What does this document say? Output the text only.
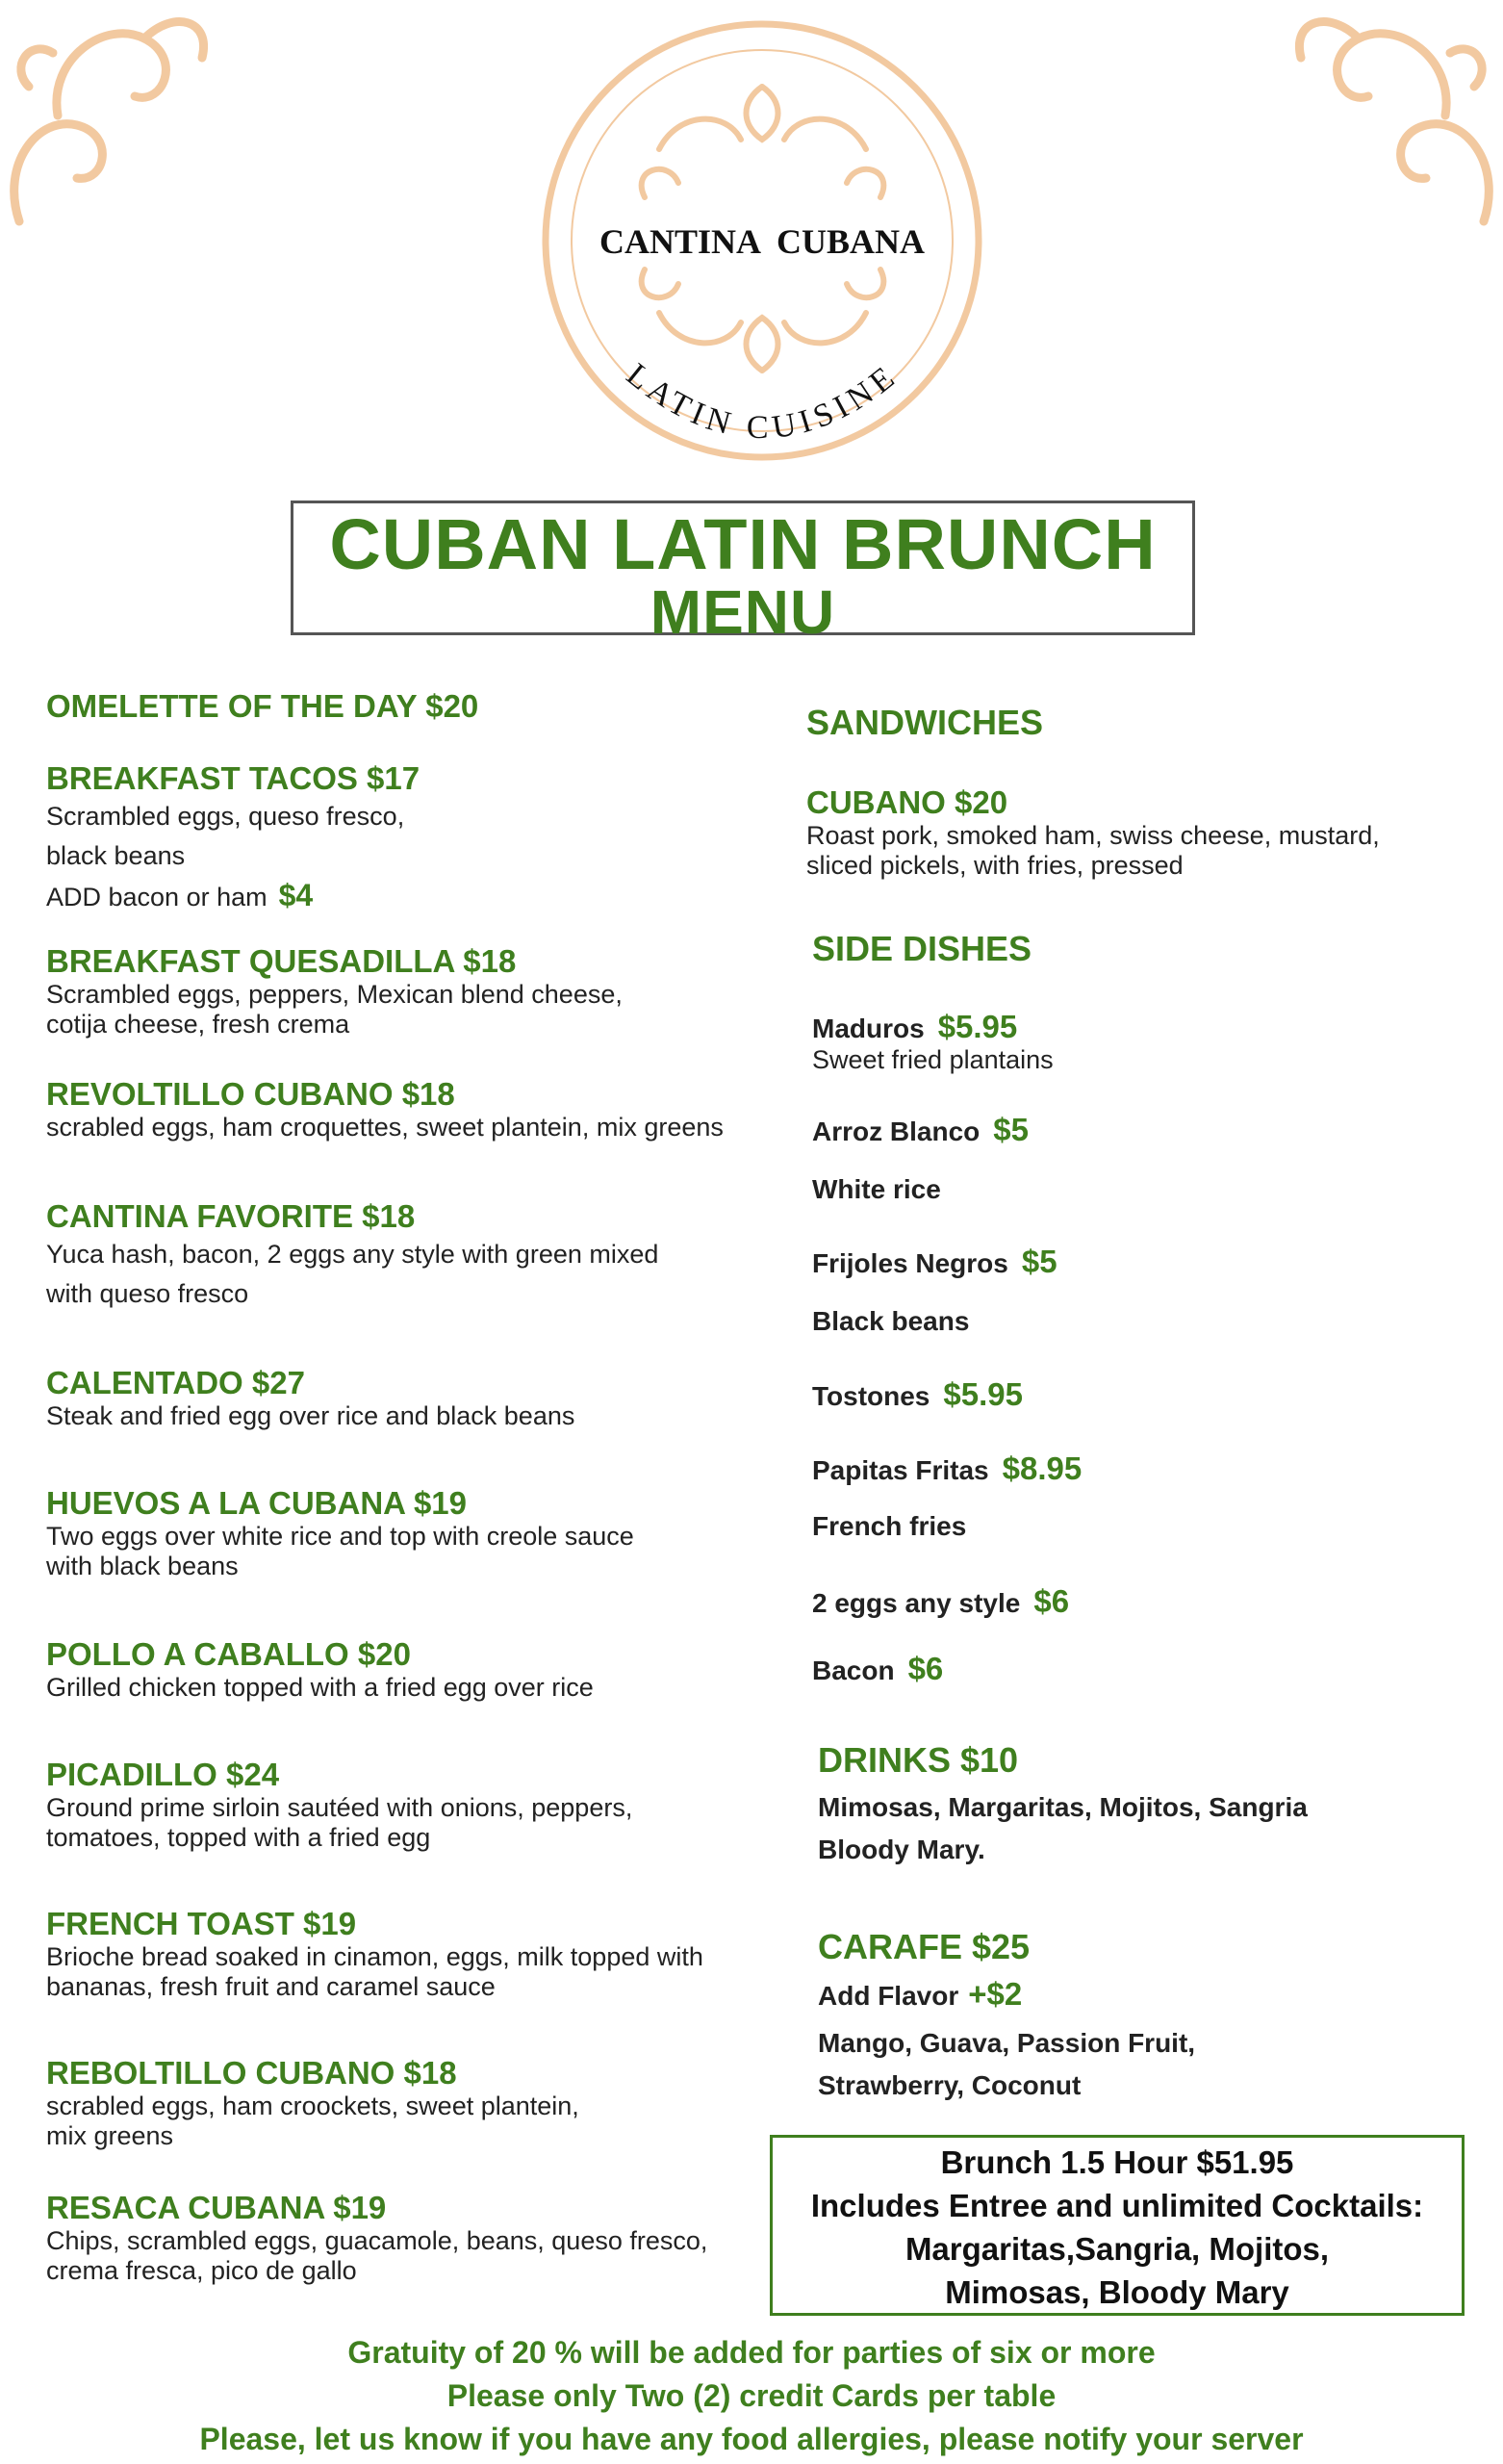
CANTINA  CUBANA
LATIN CUISINE
CUBAN LATIN BRUNCH
MENU
OMELETTE OF THE DAY $20
BREAKFAST TACOS $17
Scrambled eggs, queso fresco,
black beans
ADD bacon or ham $4
BREAKFAST QUESADILLA $18
Scrambled eggs, peppers, Mexican blend cheese,
cotija cheese, fresh crema
REVOLTILLO CUBANO $18
scrabled eggs, ham croquettes, sweet plantein, mix greens
CANTINA FAVORITE $18
Yuca hash, bacon, 2 eggs any style with green mixed
with queso fresco
CALENTADO $27
Steak and fried egg over rice and black beans
HUEVOS A LA CUBANA $19
Two eggs over white rice and top with creole sauce
with black beans
POLLO A CABALLO $20
Grilled chicken topped with a fried egg over rice
PICADILLO $24
Ground prime sirloin sautéed with onions, peppers,
tomatoes, topped with a fried egg
FRENCH TOAST $19
Brioche bread soaked in cinamon, eggs, milk topped with
bananas, fresh fruit and caramel sauce
REBOLTILLO CUBANO $18
scrabled eggs, ham croockets, sweet plantein,
mix greens
RESACA CUBANA $19
Chips, scrambled eggs, guacamole, beans, queso fresco,
crema fresca, pico de gallo
SANDWICHES
CUBANO $20
Roast pork, smoked ham, swiss cheese, mustard,
sliced pickels, with fries, pressed
SIDE DISHES
Maduros $5.95
Sweet fried plantains
Arroz Blanco $5
White rice
Frijoles Negros $5
Black beans
Tostones $5.95
Papitas Fritas $8.95
French fries
2 eggs any style $6
Bacon $6
DRINKS $10
Mimosas, Margaritas, Mojitos, Sangria
Bloody Mary.
CARAFE $25
Add Flavor +$2
Mango, Guava, Passion Fruit,
Strawberry, Coconut
Brunch 1.5 Hour $51.95
Includes Entree and unlimited Cocktails:
Margaritas,Sangria, Mojitos,
Mimosas, Bloody Mary
Gratuity of 20 % will be added for parties of six or more
Please only Two (2) credit Cards per table
Please, let us know if you have any food allergies, please notify your server
